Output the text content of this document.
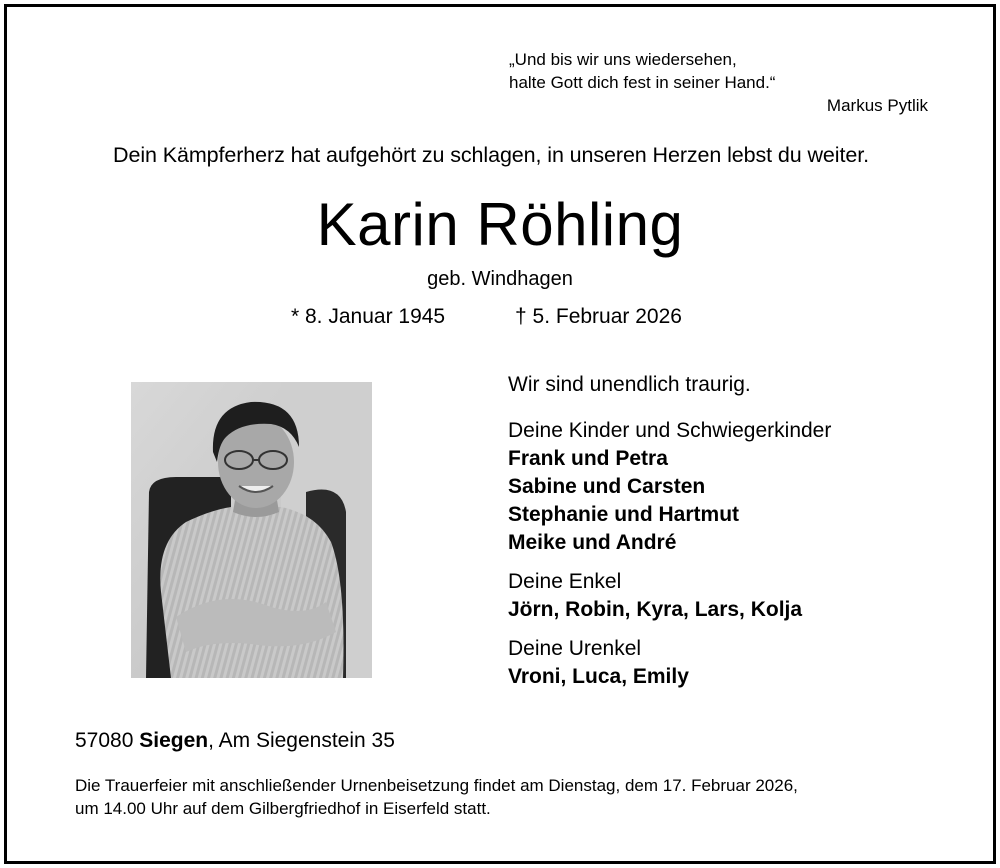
„Und bis wir uns wiedersehen,
halte Gott dich fest in seiner Hand.“
Markus Pytlik
Dein Kämpferherz hat aufgehört zu schlagen, in unseren Herzen lebst du weiter.
Karin Röhling
geb. Windhagen
* 8. Januar 1945	† 5. Februar 2026
Wir sind unendlich traurig.
Deine Kinder und Schwiegerkinder
Frank und Petra
Sabine und Carsten
Stephanie und Hartmut
Meike und André
Deine Enkel
Jörn, Robin, Kyra, Lars, Kolja
Deine Urenkel
Vroni, Luca, Emily
57080 Siegen, Am Siegenstein 35
Die Trauerfeier mit anschließender Urnenbeisetzung findet am Dienstag, dem 17. Februar 2026,
um 14.00 Uhr auf dem Gilbergfriedhof in Eiserfeld statt.
